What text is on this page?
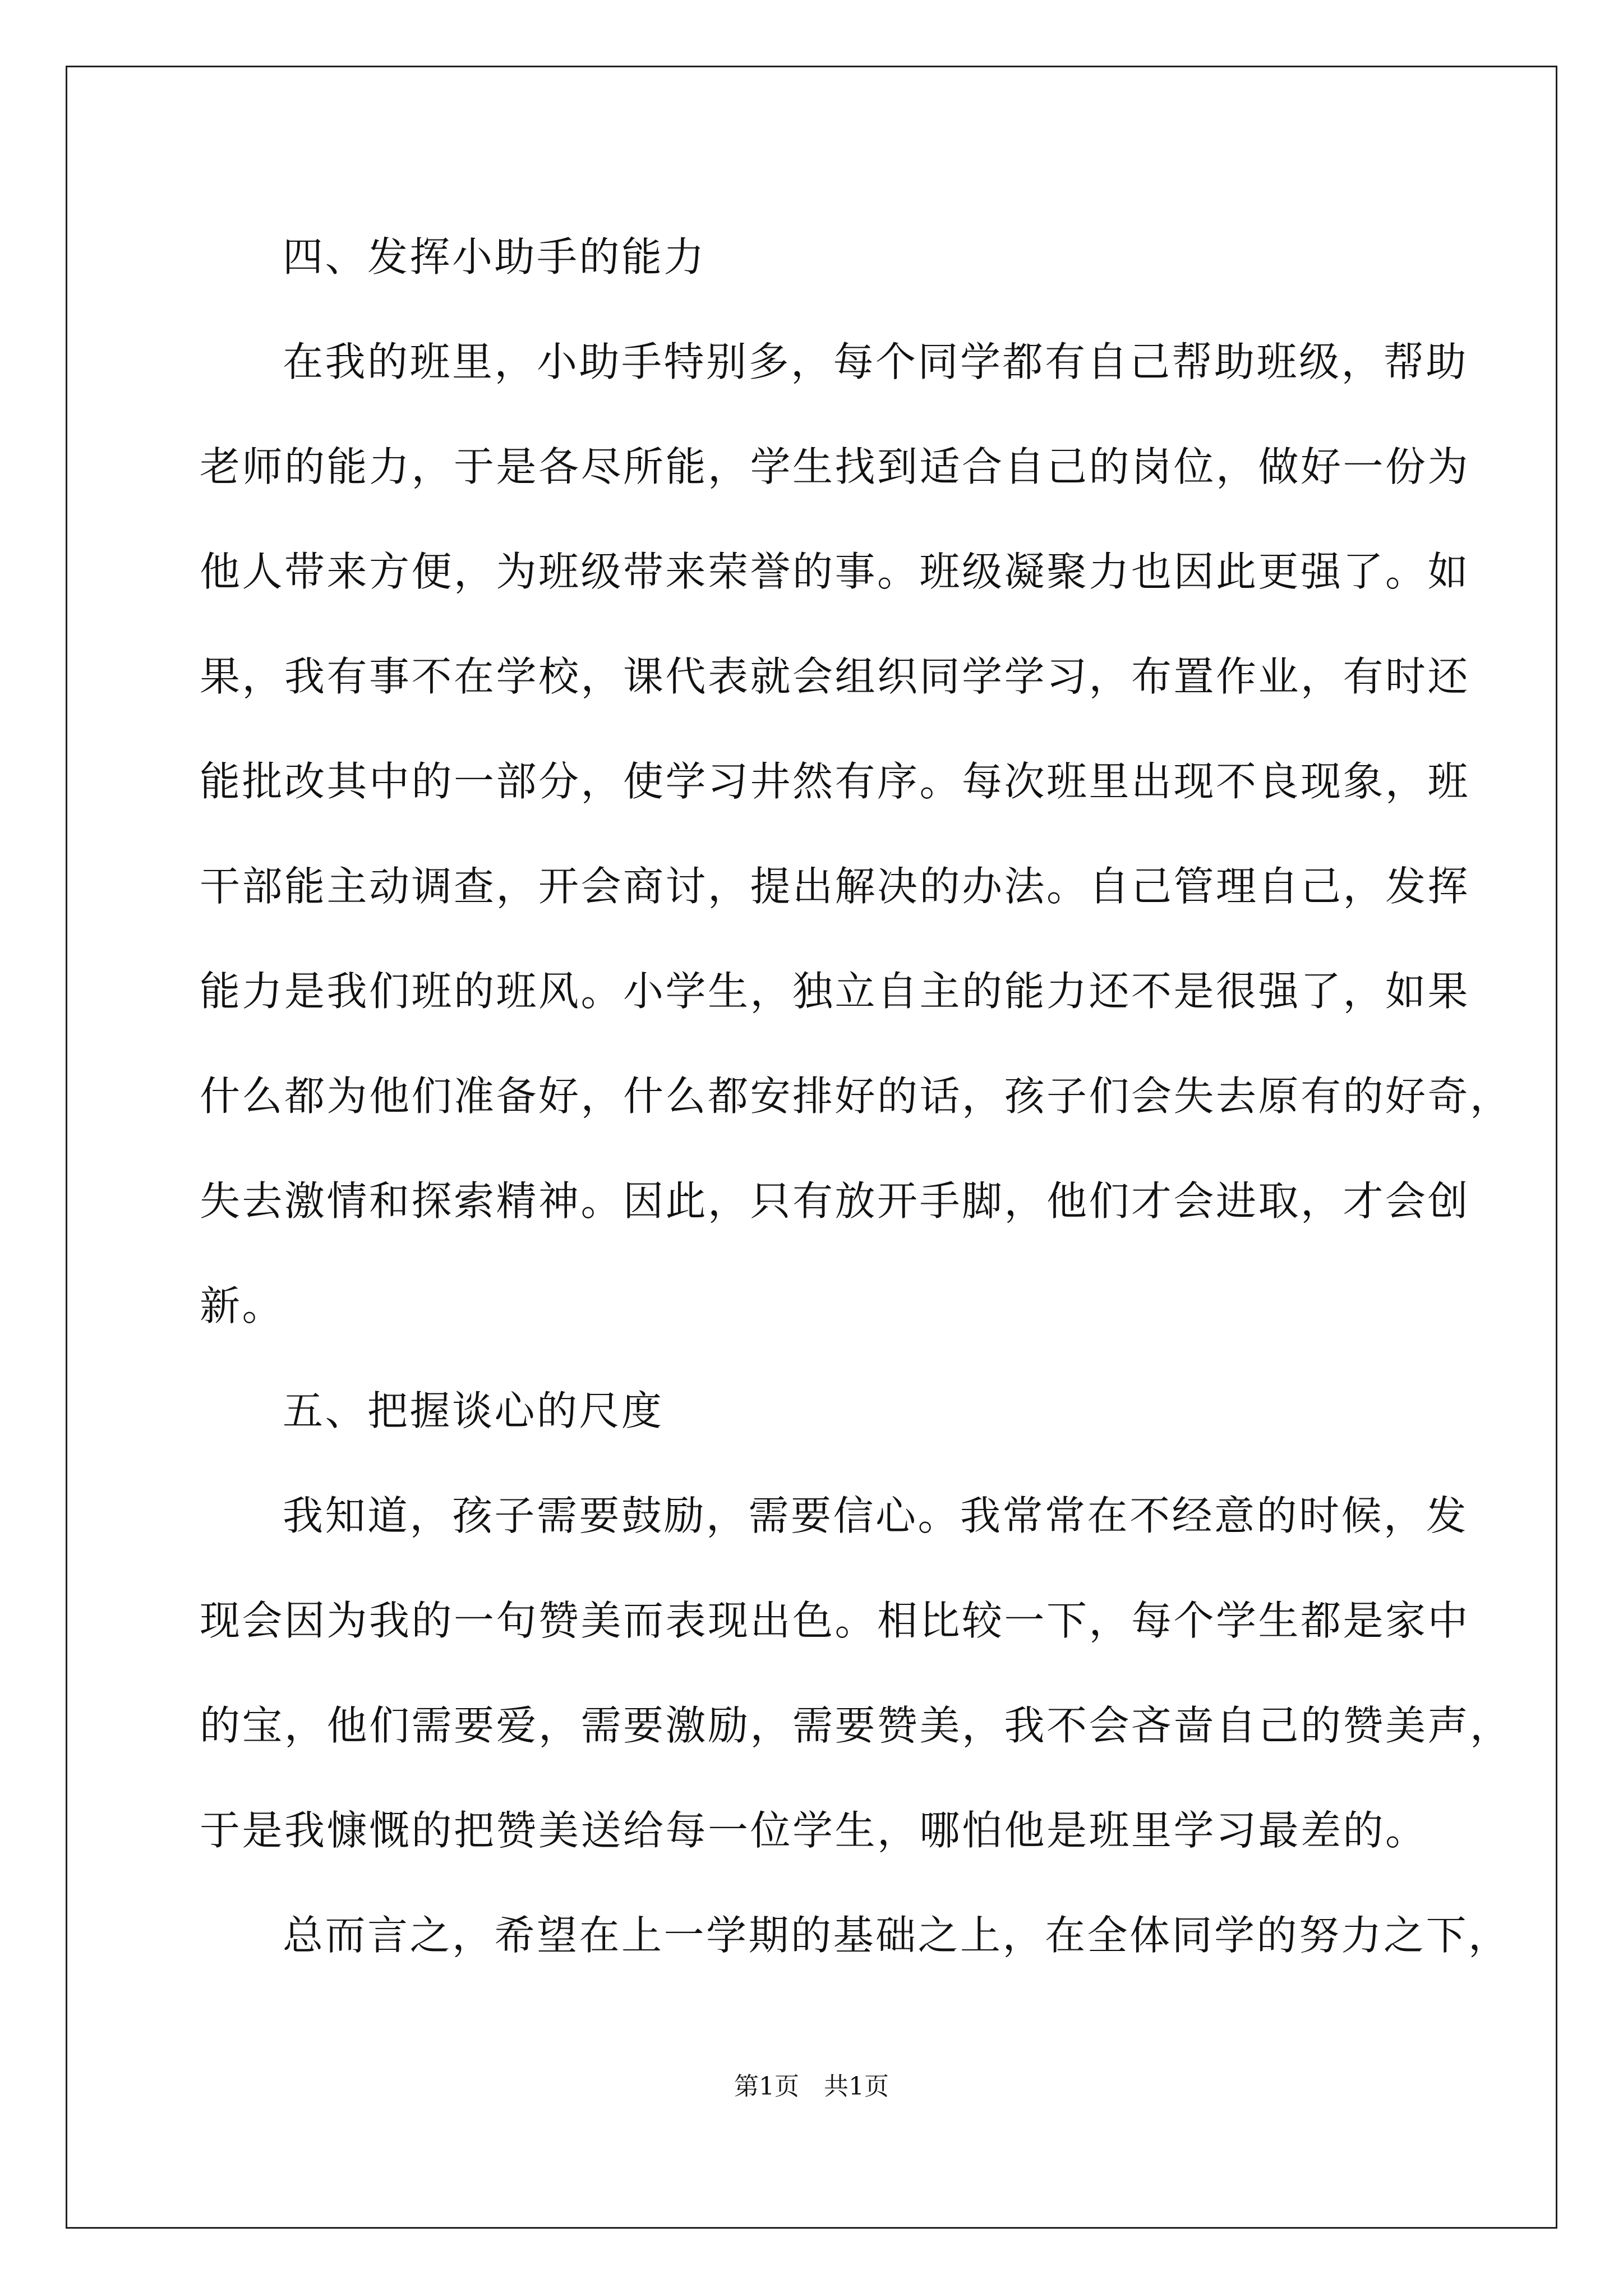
四、发挥小助手的能力
在我的班里，小助手特别多，每个同学都有自己帮助班级，帮助
老师的能力，于是各尽所能，学生找到适合自己的岗位，做好一份为
他人带来方便，为班级带来荣誉的事。班级凝聚力也因此更强了。如
果，我有事不在学校，课代表就会组织同学学习，布置作业，有时还
能批改其中的一部分，使学习井然有序。每次班里出现不良现象，班
干部能主动调查，开会商讨，提出解决的办法。自己管理自己，发挥
能力是我们班的班风。小学生，独立自主的能力还不是很强了，如果
什么都为他们准备好，什么都安排好的话，孩子们会失去原有的好奇，
失去激情和探索精神。因此，只有放开手脚，他们才会进取，才会创
新。
五、把握谈心的尺度
我知道，孩子需要鼓励，需要信心。我常常在不经意的时候，发
现会因为我的一句赞美而表现出色。相比较一下，每个学生都是家中
的宝，他们需要爱，需要激励，需要赞美，我不会吝啬自己的赞美声，
于是我慷慨的把赞美送给每一位学生，哪怕他是班里学习最差的。
总而言之，希望在上一学期的基础之上，在全体同学的努力之下，
第1页　共1页
